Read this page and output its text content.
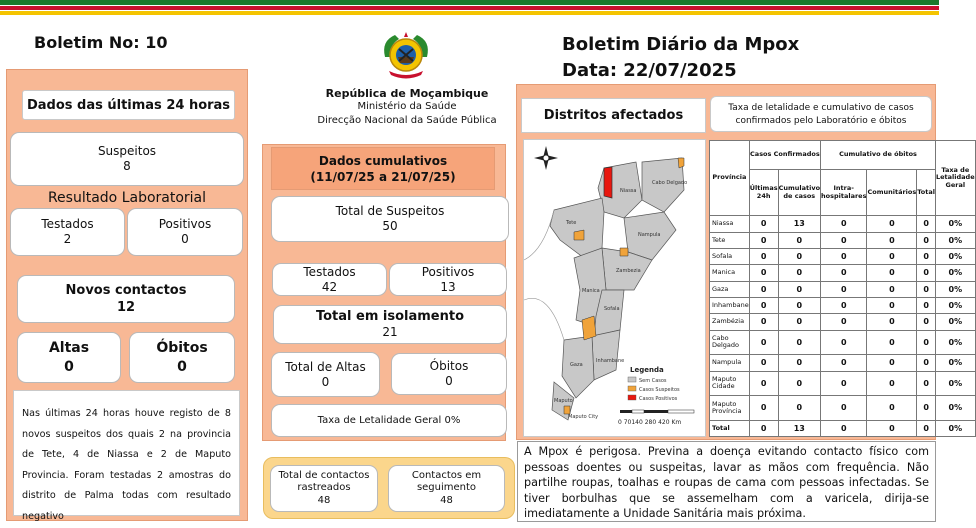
Boletim No: 10
República de Moçambique
Ministério da Saúde
Direcção Nacional da Saúde Pública
Boletim Diário da Mpox
Data: 22/07/2025
Dados das últimas 24 horas
Suspeitos
8
Resultado Laboratorial
Testados
2
Positivos
0
Novos contactos
12
Altas
0
Óbitos
0
Nas últimas 24 horas houve registo de 8 novos suspeitos dos quais 2 na provincia de Tete, 4 de Niassa e 2 de Maputo Provincia. Foram testadas 2 amostras do distrito de Palma todas com resultado negativo
Dados cumulativos
(11/07/25 a 21/07/25)
Total de Suspeitos
50
Testados
42
Positivos
13
Total em isolamento
21
Total de Altas
0
Óbitos
0
Taxa de Letalidade Geral 0%
Total de contactos
rastreados
48
Contactos em
seguimento
48
Distritos afectados	Taxa de letalidade e cumulativo de casos confirmados pelo Laboratório e óbitos
Niassa
Cabo Delgado
Tete
Nampula
Zambezia
Manica
Sofala
Inhambane
Gaza
Maputo
Maputo City
Legenda
Sem Casos
Casos Suspeitos
Casos Positivos
0 70140 280 420 Km
Província	Casos Confirmados		Cumulativo de óbitos			Taxa de Letalidade Geral
	Últimas 24h	Cumulativo de casos	Intra-hospitalares	Comunitários	Total	
Niassa	0	13	0	0	0	0%
Tete	0	0	0	0	0	0%
Sofala	0	0	0	0	0	0%
Manica	0	0	0	0	0	0%
Gaza	0	0	0	0	0	0%
Inhambane	0	0	0	0	0	0%
Zambézia	0	0	0	0	0	0%
Cabo Delgado	0	0	0	0	0	0%
Nampula	0	0	0	0	0	0%
Maputo Cidade	0	0	0	0	0	0%
Maputo Província	0	0	0	0	0	0%
Total	0	13	0	0	0	0%
A Mpox é perigosa. Previna a doença evitando contacto físico com pessoas doentes ou suspeitas, lavar as mãos com frequência. Não partilhe roupas, toalhas e roupas de cama com pessoas infectadas. Se tiver borbulhas que se assemelham com a varicela, dirija-se imediatamente a Unidade Sanitária mais próxima.
